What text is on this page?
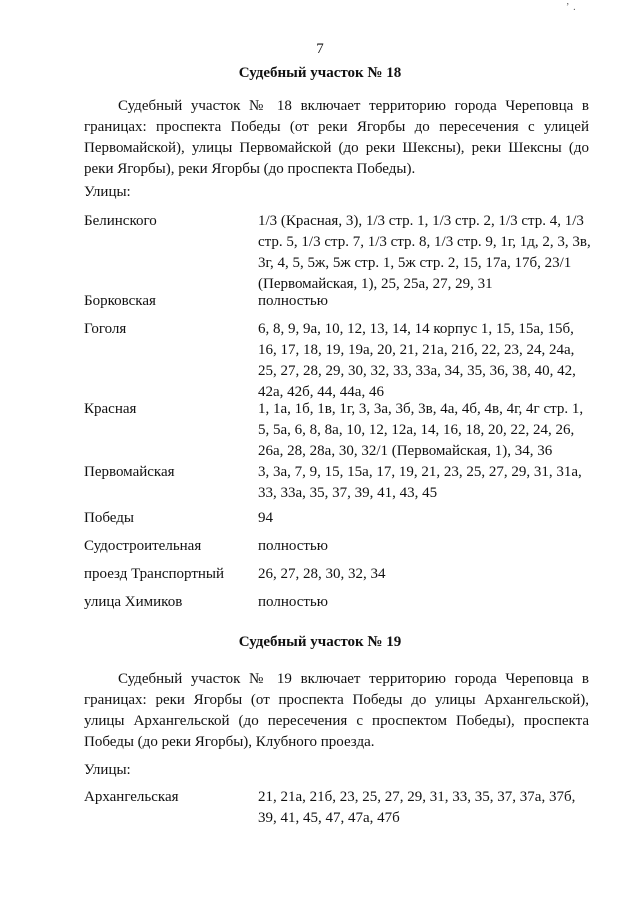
’ .
7
Судебный участок № 18
Судебный участок № 18 включает территорию города Череповца в границах: проспекта Победы (от реки Ягорбы до пересечения с улицей Первомайской), улицы Первомайской (до реки Шексны), реки Шексны (до реки Ягорбы), реки Ягорбы (до проспекта Победы).
Улицы:
Белинского	1/3 (Красная, 3), 1/3 стр. 1, 1/3 стр. 2, 1/3 стр. 4, 1/3 стр. 5, 1/3 стр. 7, 1/3 стр. 8, 1/3 стр. 9, 1г, 1д, 2, 3, 3в, 3г, 4, 5, 5ж, 5ж стр. 1, 5ж стр. 2, 15, 17а, 17б, 23/1 (Первомайская, 1), 25, 25а, 27, 29, 31
Борковская	полностью
Гоголя	6, 8, 9, 9а, 10, 12, 13, 14, 14 корпус 1, 15, 15а, 15б, 16, 17, 18, 19, 19а, 20, 21, 21а, 21б, 22, 23, 24, 24а, 25, 27, 28, 29, 30, 32, 33, 33а, 34, 35, 36, 38, 40, 42, 42а, 42б, 44, 44а, 46
Красная	1, 1а, 1б, 1в, 1г, 3, 3а, 3б, 3в, 4а, 4б, 4в, 4г, 4г стр. 1, 5, 5а, 6, 8, 8а, 10, 12, 12а, 14, 16, 18, 20, 22, 24, 26, 26а, 28, 28а, 30, 32/1 (Первомайская, 1), 34, 36
Первомайская	3, 3а, 7, 9, 15, 15а, 17, 19, 21, 23, 25, 27, 29, 31, 31а, 33, 33а, 35, 37, 39, 41, 43, 45
Победы	94
Судостроительная	полностью
проезд Транспортный	26, 27, 28, 30, 32, 34
улица Химиков	полностью
Судебный участок № 19
Судебный участок № 19 включает территорию города Череповца в границах: реки Ягорбы (от проспекта Победы до улицы Архангельской), улицы Архангельской (до пересечения с проспектом Победы), проспекта Победы (до реки Ягорбы), Клубного проезда.
Улицы:
Архангельская	21, 21а, 21б, 23, 25, 27, 29, 31, 33, 35, 37, 37а, 37б, 39, 41, 45, 47, 47а, 47б
